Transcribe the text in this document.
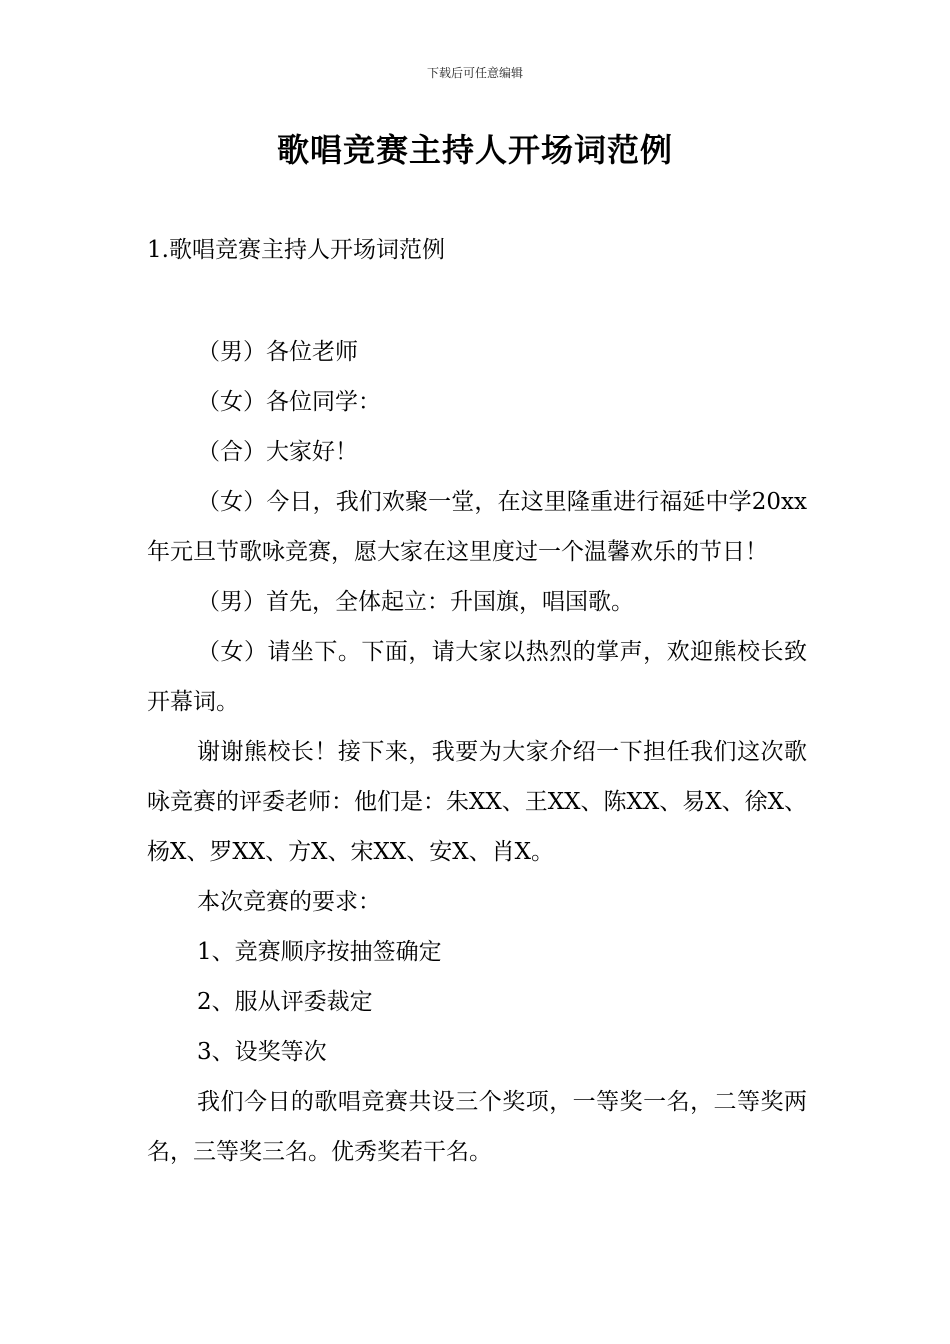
下载后可任意编辑
歌唱竞赛主持人开场词范例
1.歌唱竞赛主持人开场词范例

（男）各位老师

（女）各位同学：

（合）大家好！

（女）今日，我们欢聚一堂，在这里隆重进行福延中学20xx年元旦节歌咏竞赛，愿大家在这里度过一个温馨欢乐的节日！

（男）首先，全体起立：升国旗，唱国歌。

（女）请坐下。下面，请大家以热烈的掌声，欢迎熊校长致开幕词。

谢谢熊校长！接下来，我要为大家介绍一下担任我们这次歌咏竞赛的评委老师：他们是：朱XX、王XX、陈XX、易X、徐X、杨X、罗XX、方X、宋XX、安X、肖X。

本次竞赛的要求：

1、竞赛顺序按抽签确定

2、服从评委裁定

3、设奖等次

我们今日的歌唱竞赛共设三个奖项，一等奖一名，二等奖两名，三等奖三名。优秀奖若干名。
